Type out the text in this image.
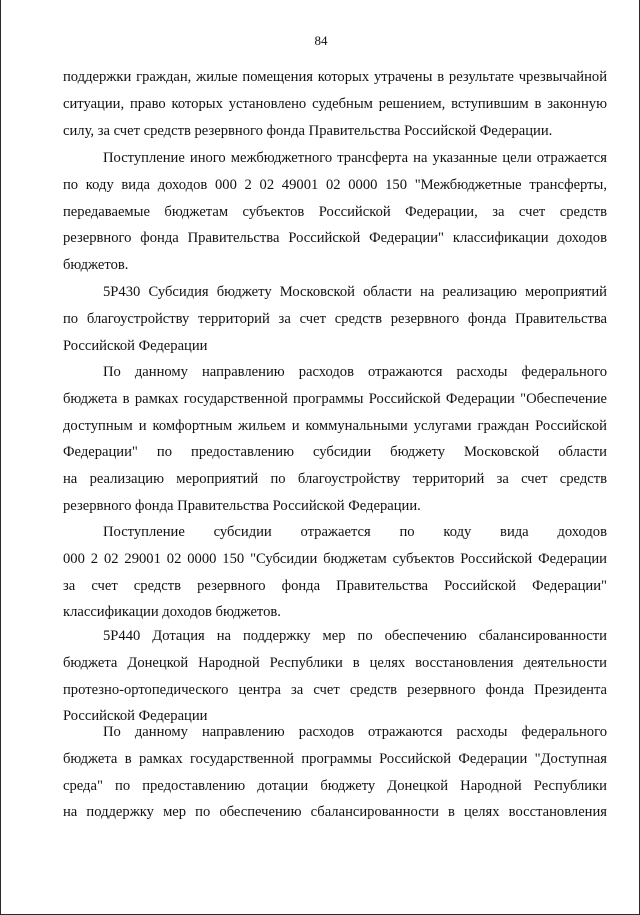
84
поддержки граждан, жилые помещения которых утрачены в результате чрезвычайной
ситуации, право которых установлено судебным решением, вступившим в законную
силу, за счет средств резервного фонда Правительства Российской Федерации.
Поступление иного межбюджетного трансферта на указанные цели отражается
по коду вида доходов 000 2 02 49001 02 0000 150 "Межбюджетные трансферты,
передаваемые бюджетам субъектов Российской Федерации, за счет средств
резервного фонда Правительства Российской Федерации" классификации доходов
бюджетов.
5Р430 Субсидия бюджету Московской области на реализацию мероприятий
по благоустройству территорий за счет средств резервного фонда Правительства
Российской Федерации
По данному направлению расходов отражаются расходы федерального
бюджета в рамках государственной программы Российской Федерации "Обеспечение
доступным и комфортным жильем и коммунальными услугами граждан Российской
Федерации" по предоставлению субсидии бюджету Московской области
на реализацию мероприятий по благоустройству территорий за счет средств
резервного фонда Правительства Российской Федерации.
Поступление субсидии отражается по коду вида доходов
000 2 02 29001 02 0000 150 "Субсидии бюджетам субъектов Российской Федерации
за счет средств резервного фонда Правительства Российской Федерации"
классификации доходов бюджетов.
5Р440 Дотация на поддержку мер по обеспечению сбалансированности
бюджета Донецкой Народной Республики в целях восстановления деятельности
протезно-ортопедического центра за счет средств резервного фонда Президента
Российской Федерации
По данному направлению расходов отражаются расходы федерального
бюджета в рамках государственной программы Российской Федерации "Доступная
среда" по предоставлению дотации бюджету Донецкой Народной Республики
на поддержку мер по обеспечению сбалансированности в целях восстановления
